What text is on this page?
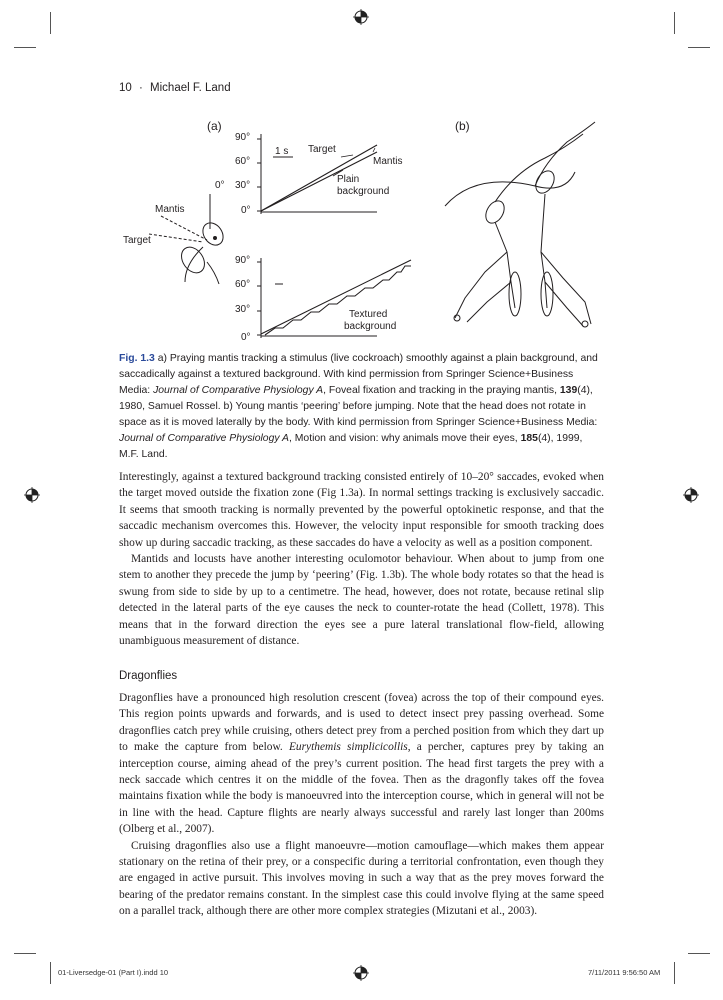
10 · Michael F. Land
(a)	(b)
90°
60°
30°
0°
1 s Target
Mantis
Plain
background
90°
60°
30°
0°
Textured
background
0°
Mantis
Target
Fig. 1.3 a) Praying mantis tracking a stimulus (live cockroach) smoothly against a plain background, and saccadically against a textured background. With kind permission from Springer Science+Business Media: Journal of Comparative Physiology A, Foveal fixation and tracking in the praying mantis, 139(4), 1980, Samuel Rossel. b) Young mantis ‘peering’ before jumping. Note that the head does not rotate in space as it is moved laterally by the body. With kind permission from Springer Science+Business Media: Journal of Comparative Physiology A, Motion and vision: why animals move their eyes, 185(4), 1999, M.F. Land.

Interestingly, against a textured background tracking consisted entirely of 10–20° saccades, evoked when the target moved outside the fixation zone (Fig 1.3a). In normal settings tracking is exclusively saccadic. It seems that smooth tracking is normally prevented by the powerful optokinetic response, and that the saccadic mechanism overcomes this. However, the velocity input responsible for smooth tracking does show up during saccadic tracking, as these saccades do have a velocity as well as a position component.

Mantids and locusts have another interesting oculomotor behaviour. When about to jump from one stem to another they precede the jump by ‘peering’ (Fig. 1.3b). The whole body rotates so that the head is swung from side to side by up to a centimetre. The head, however, does not rotate, because retinal slip detected in the lateral parts of the eye causes the neck to counter-rotate the head (Collett, 1978). This means that in the forward direction the eyes see a pure lateral translational flow-field, allowing unambiguous measurement of distance.

Dragonflies

Dragonflies have a pronounced high resolution crescent (fovea) across the top of their compound eyes. This region points upwards and forwards, and is used to detect insect prey passing overhead. Some dragonflies catch prey while cruising, others detect prey from a perched position from which they dart up to make the capture from below. Eurythemis simplicicollis, a percher, captures prey by taking an interception course, aiming ahead of the prey’s current position. The head first targets the prey with a neck saccade which centres it on the middle of the fovea. Then as the dragonfly takes off the fovea maintains fixation while the body is manoeuvred into the interception course, which in general will not be in line with the head. Capture flights are nearly always successful and rarely last longer than 200ms (Olberg et al., 2007).

Cruising dragonflies also use a flight manoeuvre—motion camouflage—which makes them appear stationary on the retina of their prey, or a conspecific during a territorial confrontation, even though they are engaged in active pursuit. This involves moving in such a way that as the prey moves forward the bearing of the predator remains constant. In the simplest case this could involve flying at the same speed on a parallel track, although there are other more complex strategies (Mizutani et al., 2003).

01-Liversedge-01 (Part I).indd 10	7/11/2011 9:56:50 AM
